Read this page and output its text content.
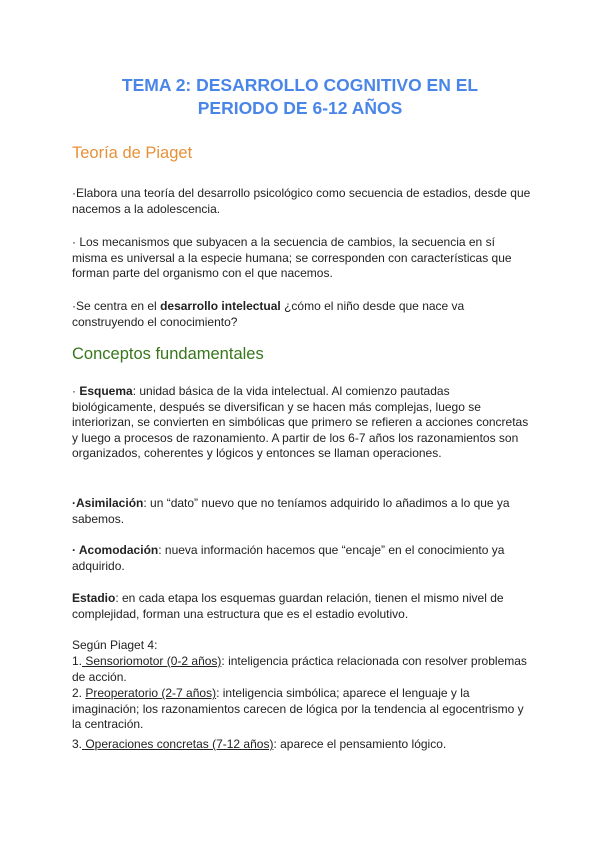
TEMA 2: DESARROLLO COGNITIVO EN EL
PERIODO DE 6-12 AÑOS
Teoría de Piaget

·Elabora una teoría del desarrollo psicológico como secuencia de estadios, desde que nacemos a la adolescencia.

· Los mecanismos que subyacen a la secuencia de cambios, la secuencia en sí misma es universal a la especie humana; se corresponden con características que forman parte del organismo con el que nacemos.

·Se centra en el desarrollo intelectual ¿cómo el niño desde que nace va construyendo el conocimiento?

Conceptos fundamentales

· Esquema: unidad básica de la vida intelectual. Al comienzo pautadas biológicamente, después se diversifican y se hacen más complejas, luego se interiorizan, se convierten en simbólicas que primero se refieren a acciones concretas y luego a procesos de razonamiento. A partir de los 6-7 años los razonamientos son organizados, coherentes y lógicos y entonces se llaman operaciones.

·Asimilación: un “dato” nuevo que no teníamos adquirido lo añadimos a lo que ya sabemos.

· Acomodación: nueva información hacemos que “encaje” en el conocimiento ya adquirido.

Estadio: en cada etapa los esquemas guardan relación, tienen el mismo nivel de complejidad, forman una estructura que es el estadio evolutivo.

Según Piaget 4:

1. Sensoriomotor (0-2 años): inteligencia práctica relacionada con resolver problemas de acción.

2. Preoperatorio (2-7 años): inteligencia simbólica; aparece el lenguaje y la imaginación; los razonamientos carecen de lógica por la tendencia al egocentrismo y la centración.

3. Operaciones concretas (7-12 años): aparece el pensamiento lógico.
